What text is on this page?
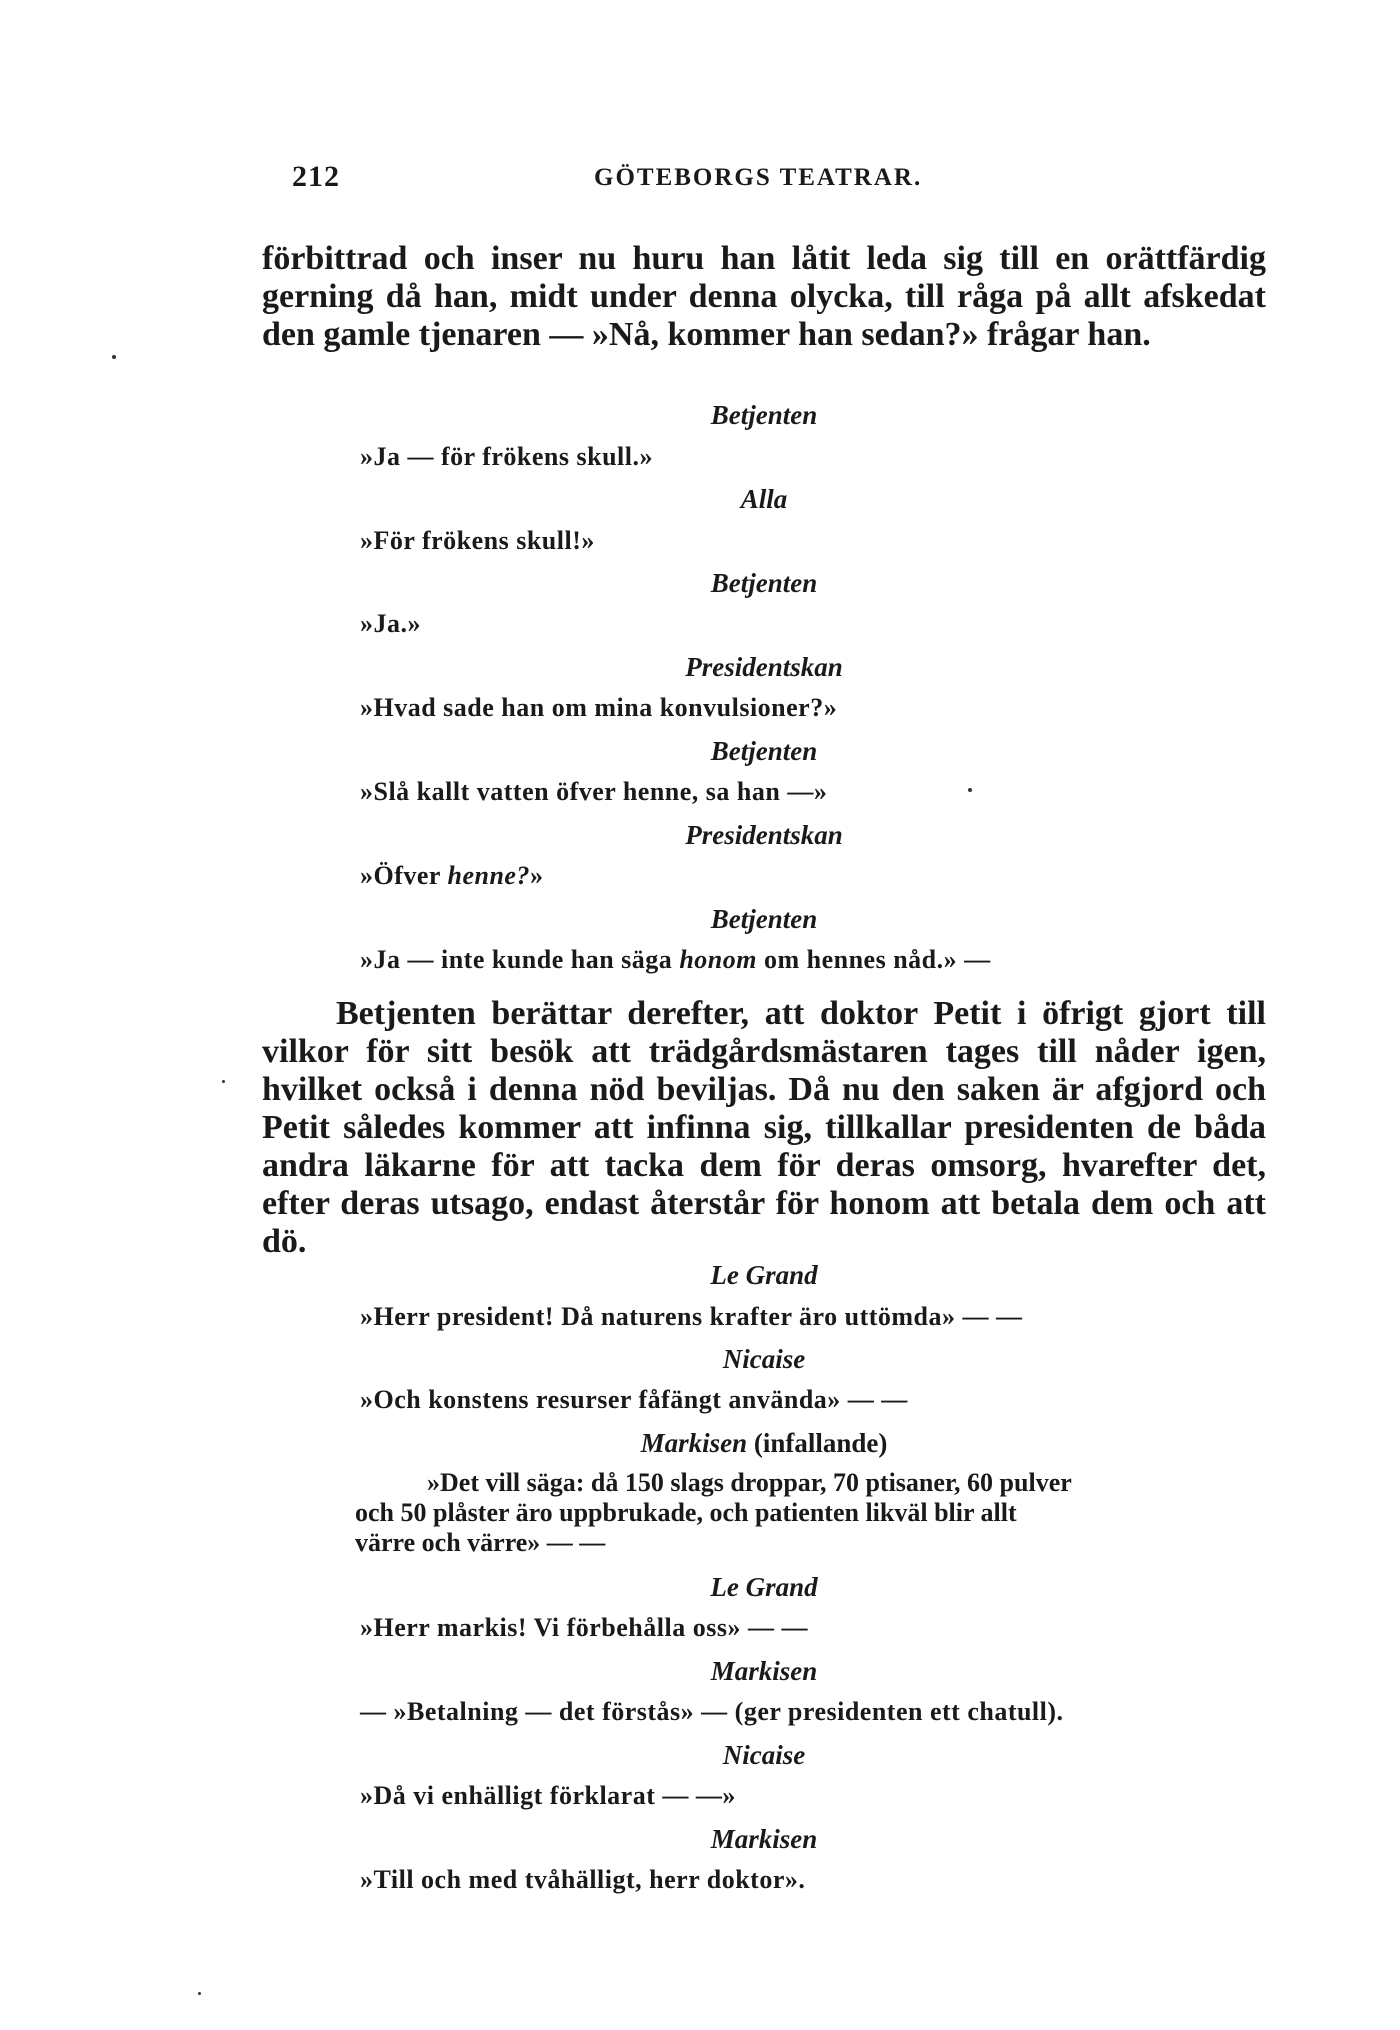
212	GÖTEBORGS TEATRAR.
förbittrad och inser nu huru han låtit leda sig till en orättfärdig gerning då han, midt under denna olycka, till råga på allt afskedat den gamle tjenaren — »Nå, kommer han sedan?» frågar han.
Betjenten
»Ja — för frökens skull.»
Alla
»För frökens skull!»
Betjenten
»Ja.»
Presidentskan
»Hvad sade han om mina konvulsioner?»
Betjenten
»Slå kallt vatten öfver henne, sa han —»
Presidentskan
»Öfver henne?»
Betjenten
»Ja — inte kunde han säga honom om hennes nåd.» —
Betjenten berättar derefter, att doktor Petit i öfrigt gjort till vilkor för sitt besök att trädgårdsmästaren tages till nåder igen, hvilket också i denna nöd beviljas. Då nu den saken är afgjord och Petit således kommer att infinna sig, tillkallar presidenten de båda andra läkarne för att tacka dem för deras omsorg, hvarefter det, efter deras utsago, endast återstår för honom att betala dem och att dö.
Le Grand
»Herr president! Då naturens krafter äro uttömda» — —
Nicaise
»Och konstens resurser fåfängt använda» — —
Markisen (infallande)
»Det vill säga: då 150 slags droppar, 70 ptisaner, 60 pulver
och 50 plåster äro uppbrukade, och patienten likväl blir allt
värre och värre» — —
Le Grand
»Herr markis! Vi förbehålla oss» — —
Markisen
— »Betalning — det förstås» — (ger presidenten ett chatull).
Nicaise
»Då vi enhälligt förklarat — —»
Markisen
»Till och med tvåhälligt, herr doktor».
